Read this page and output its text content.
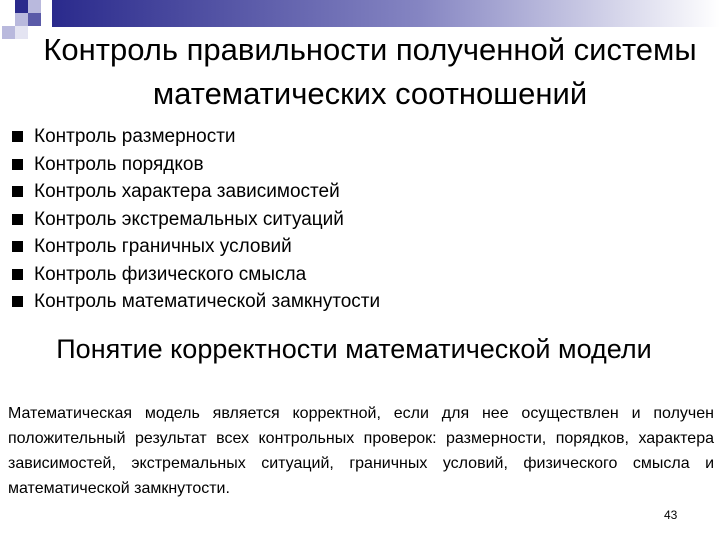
Контроль правильности полученной системы математических соотношений
Контроль размерности
Контроль порядков
Контроль характера зависимостей
Контроль экстремальных ситуаций
Контроль граничных условий
Контроль физического смысла
Контроль математической замкнутости
Понятие корректности математической модели

Математическая модель является корректной, если для нее осуществлен и получен положительный результат всех контрольных проверок: размерности, порядков, характера зависимостей, экстремальных ситуаций, граничных условий, физического смысла и математической замкнутости.

43
